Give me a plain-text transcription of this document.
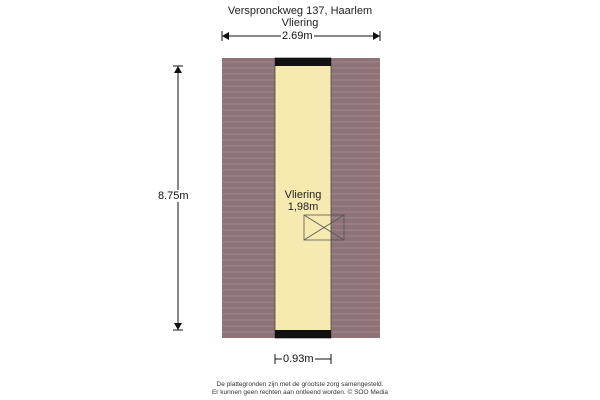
Verspronckweg 137, Haarlem
Vliering
2.69m
8.75m
0.93m
Vliering
1,98m
De plattegronden zijn met de grootste zorg samengesteld.
Er kunnen geen rechten aan ontleend worden. © SOO Media
